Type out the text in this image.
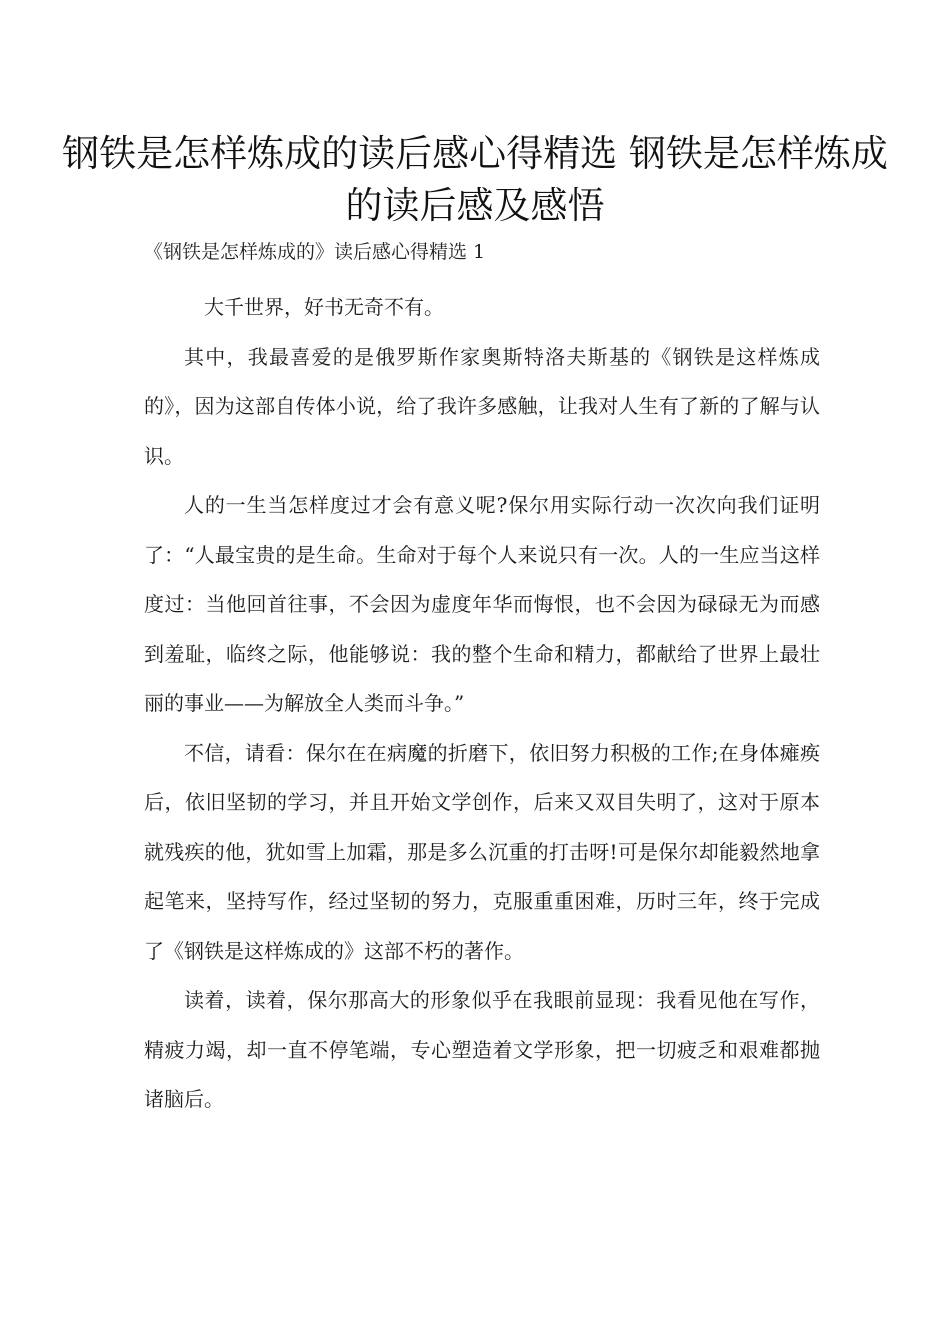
钢铁是怎样炼成的读后感心得精选 钢铁是怎样炼成的读后感及感悟

《钢铁是怎样炼成的》读后感心得精选 1

大千世界，好书无奇不有。

其中，我最喜爱的是俄罗斯作家奥斯特洛夫斯基的《钢铁是这样炼成的》，因为这部自传体小说，给了我许多感触，让我对人生有了新的了解与认识。

人的一生当怎样度过才会有意义呢?保尔用实际行动一次次向我们证明了：“人最宝贵的是生命。生命对于每个人来说只有一次。人的一生应当这样度过：当他回首往事，不会因为虚度年华而悔恨，也不会因为碌碌无为而感到羞耻，临终之际，他能够说：我的整个生命和精力，都献给了世界上最壮丽的事业——为解放全人类而斗争。”

不信，请看：保尔在在病魔的折磨下，依旧努力积极的工作;在身体瘫痪后，依旧坚韧的学习，并且开始文学创作，后来又双目失明了，这对于原本就残疾的他，犹如雪上加霜，那是多么沉重的打击呀!可是保尔却能毅然地拿起笔来，坚持写作，经过坚韧的努力，克服重重困难，历时三年，终于完成了《钢铁是这样炼成的》这部不朽的著作。

读着，读着，保尔那高大的形象似乎在我眼前显现：我看见他在写作，精疲力竭，却一直不停笔端，专心塑造着文学形象，把一切疲乏和艰难都抛诸脑后。
